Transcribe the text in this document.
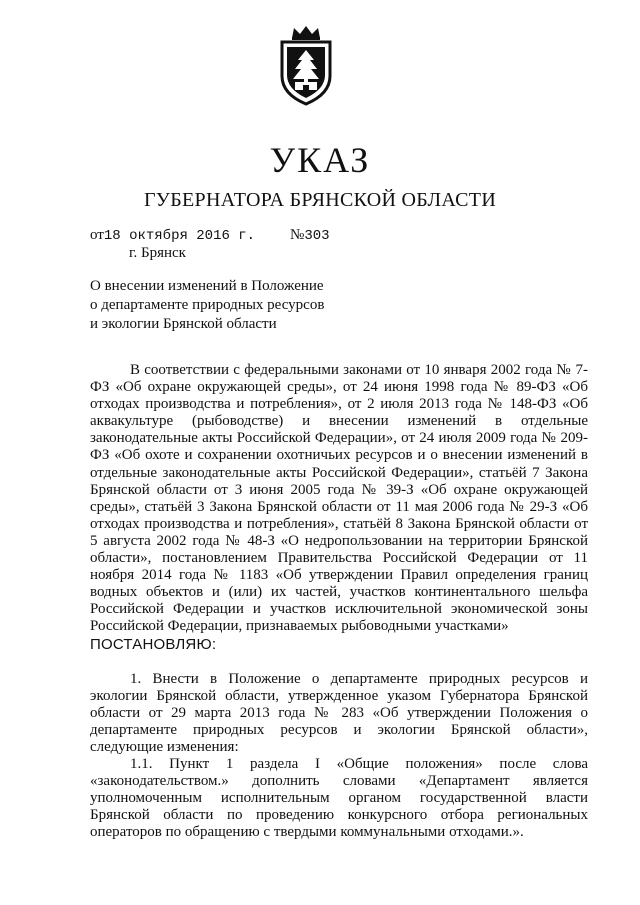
УКАЗ
ГУБЕРНАТОРА БРЯНСКОЙ ОБЛАСТИ
от18 октября 2016 г. №303
г. Брянск
О внесении изменений в Положение
о департаменте природных ресурсов
и экологии Брянской области

В соответствии с федеральными законами от 10 января 2002 года № 7-ФЗ «Об охране окружающей среды», от 24 июня 1998 года № 89-ФЗ «Об отходах производства и потребления», от 2 июля 2013 года № 148-ФЗ «Об аквакультуре (рыбоводстве) и внесении изменений в отдельные законодательные акты Российской Федерации», от 24 июля 2009 года № 209-ФЗ «Об охоте и сохранении охотничьих ресурсов и о внесении изменений в отдельные законодательные акты Российской Федерации», статьёй 7 Закона Брянской области от 3 июня 2005 года № 39-З «Об охране окружающей среды», статьёй 3 Закона Брянской области от 11 мая 2006 года № 29-З «Об отходах производства и потребления», статьёй 8 Закона Брянской области от 5 августа 2002 года № 48-З «О недропользовании на территории Брянской области», постановлением Правительства Российской Федерации от 11 ноября 2014 года № 1183 «Об утверждении Правил определения границ водных объектов и (или) их частей, участков континентального шельфа Российской Федерации и участков исключительной экономической зоны Российской Федерации, признаваемых рыбоводными участками»

ПОСТАНОВЛЯЮ:

1. Внести в Положение о департаменте природных ресурсов и экологии Брянской области, утвержденное указом Губернатора Брянской области от 29 марта 2013 года № 283 «Об утверждении Положения о департаменте природных ресурсов и экологии Брянской области», следующие изменения:

1.1. Пункт 1 раздела I «Общие положения» после слова «законодательством.» дополнить словами «Департамент является уполномоченным исполнительным органом государственной власти Брянской области по проведению конкурсного отбора региональных операторов по обращению с твердыми коммунальными отходами.».
